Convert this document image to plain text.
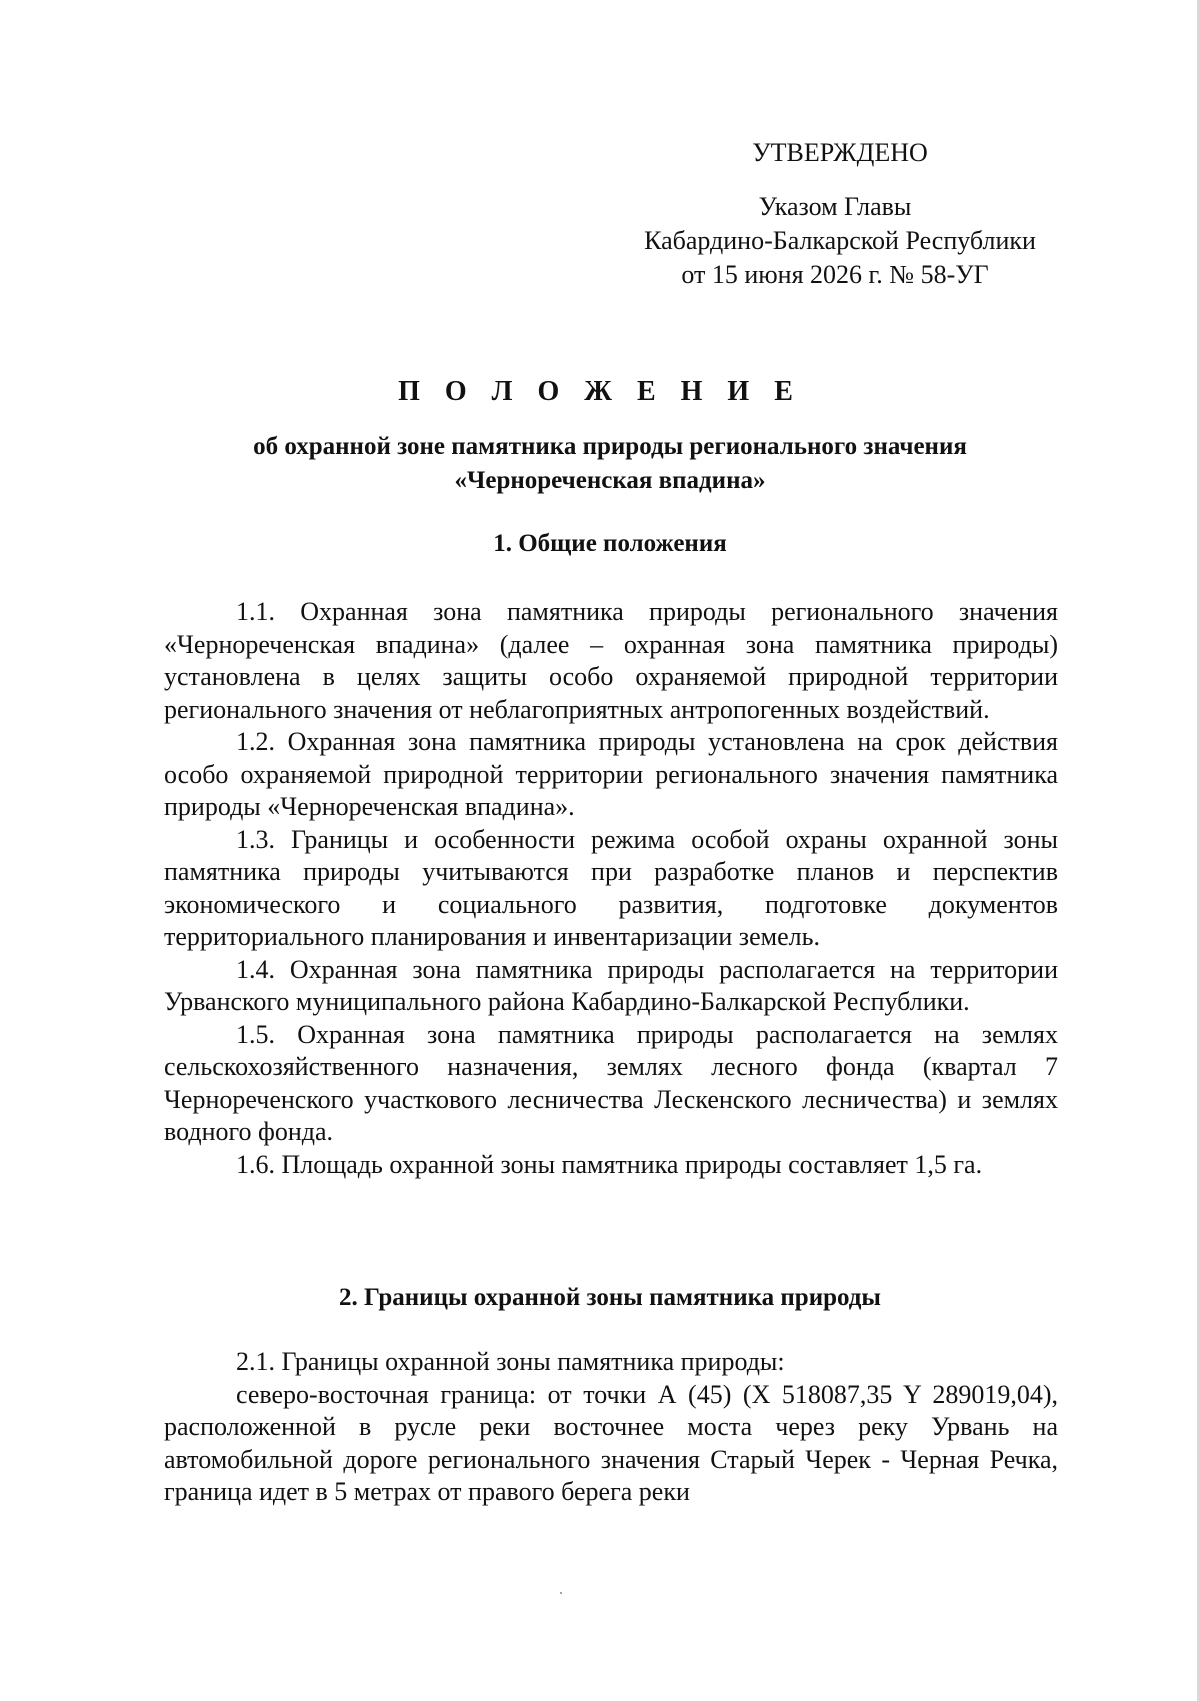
УТВЕРЖДЕНО
Указом Главы
Кабардино-Балкарской Республики
от 15 июня 2026 г. № 58-УГ
П О Л О Ж Е Н И Е
об охранной зоне памятника природы регионального значения
«Чернореченская впадина»
1. Общие положения

1.1. Охранная зона памятника природы регионального значения «Чернореченская впадина» (далее – охранная зона памятника природы) установлена в целях защиты особо охраняемой природной территории регионального значения от неблагоприятных антропогенных воздействий.

1.2. Охранная зона памятника природы установлена на срок действия особо охраняемой природной территории регионального значения памятника природы «Чернореченская впадина».

1.3. Границы и особенности режима особой охраны охранной зоны памятника природы учитываются при разработке планов и перспектив экономического и социального развития, подготовке документов территориального планирования и инвентаризации земель.

1.4. Охранная зона памятника природы располагается на территории Урванского муниципального района Кабардино-Балкарской Республики.

1.5. Охранная зона памятника природы располагается на землях сельскохозяйственного назначения, землях лесного фонда (квартал 7 Чернореченского участкового лесничества Лескенского лесничества) и землях водного фонда.

1.6. Площадь охранной зоны памятника природы составляет 1,5 га.

2. Границы охранной зоны памятника природы

2.1. Границы охранной зоны памятника природы:

северо-восточная граница: от точки А (45) (X 518087,35 Y 289019,04), расположенной в русле реки восточнее моста через реку Урвань на автомобильной дороге регионального значения Старый Черек - Черная Речка, граница идет в 5 метрах от правого берега реки
